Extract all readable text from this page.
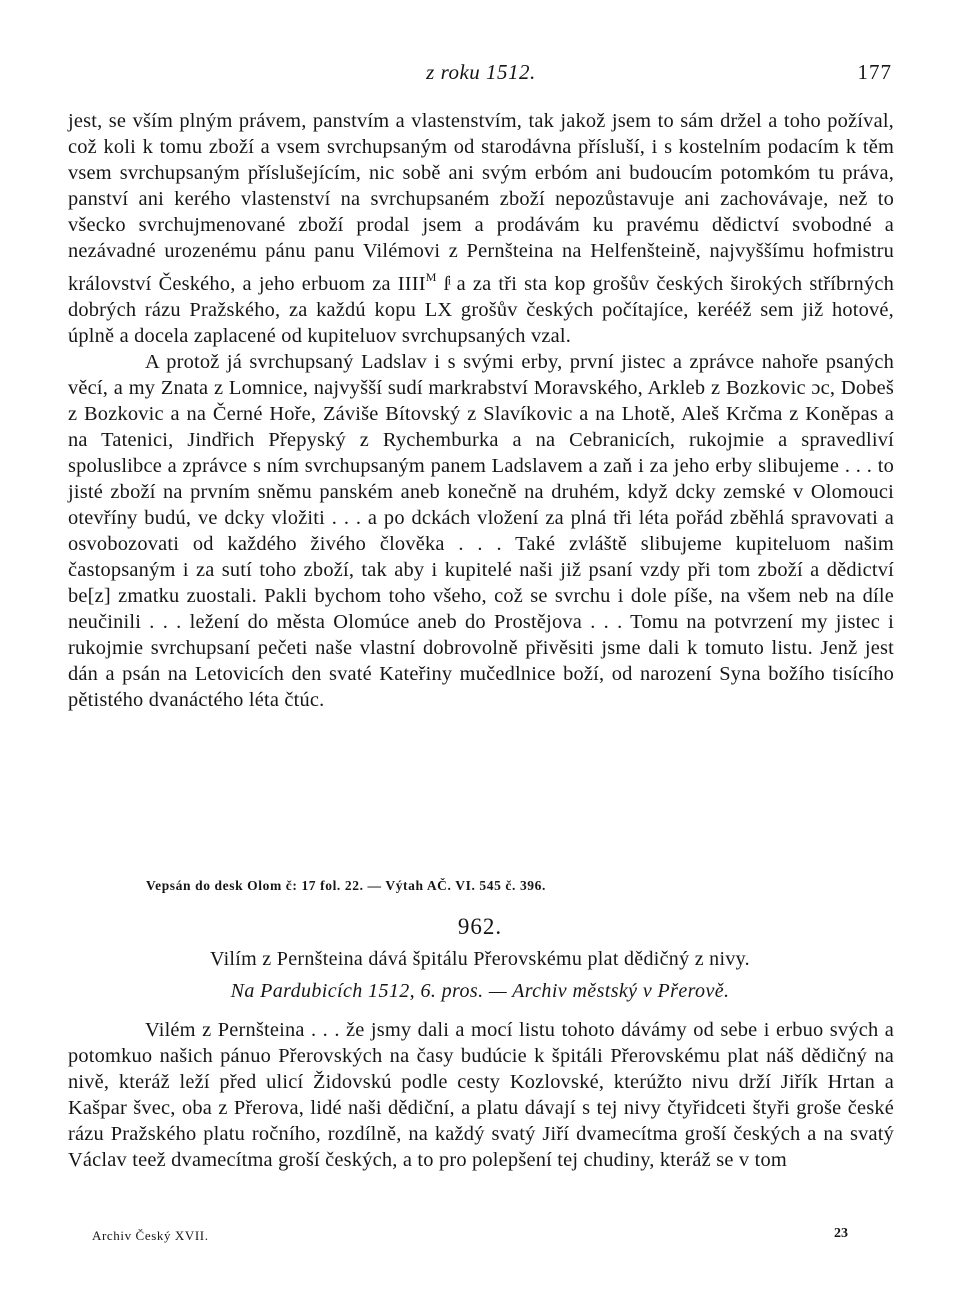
z roku 1512.	177

jest, se vším plným právem, panstvím a vlastenstvím, tak jakož jsem to sám držel a toho požíval, což koli k tomu zboží a vsem svrchupsaným od starodávna přísluší, i s kostelním podacím k těm vsem svrchupsaným příslušejícím, nic sobě ani svým erbóm ani budoucím potomkóm tu práva, panství ani kerého vlastenství na svrchupsaném zboží nepozůstavuje ani zachovávaje, než to všecko svrchujmenované zboží prodal jsem a prodávám ku pravému dědictví svobodné a nezávadné urozenému pánu panu Vilémovi z Pernšteina na Helfenšteině, najvyššímu hofmistru království Českého, a jeho erbuom za $IIII^M$ ſͥ a za tři sta kop grošův českých širokých stříbrných dobrých rázu Pražského, za každú kopu LX grošův českých počítajíce, kerééž sem již hotové, úplně a docela zaplacené od kupiteluov svrchupsaných vzal.

A protož já svrchupsaný Ladslav i s svými erby, první jistec a zprávce nahoře psaných věcí, a my Znata z Lomnice, najvyšší sudí markrabství Moravského, Arkleb z Bozkovic ɔc, Dobeš z Bozkovic a na Černé Hoře, Záviše Bítovský z Slavíkovic a na Lhotě, Aleš Krčma z Koněpas a na Tatenici, Jindřich Přepyský z Rychemburka a na Cebranicích, rukojmie a spravedliví spoluslibce a zprávce s ním svrchupsaným panem Ladslavem a zaň i za jeho erby slibujeme . . . to jisté zboží na prvním sněmu panském aneb konečně na druhém, když dcky zemské v Olomouci otevříny budú, ve dcky vložiti . . . a po dckách vložení za plná tři léta pořád zběhlá spravovati a osvobozovati od každého živého člověka . . . Také zvláště slibujeme kupiteluom našim častopsaným i za sutí toho zboží, tak aby i kupitelé naši již psaní vzdy při tom zboží a dědictví be[z] zmatku zuostali. Pakli bychom toho všeho, což se svrchu i dole píše, na všem neb na díle neučinili . . . ležení do města Olomúce aneb do Prostějova . . . Tomu na potvrzení my jistec i rukojmie svrchupsaní pečeti naše vlastní dobrovolně přivěsiti jsme dali k tomuto listu. Jenž jest dán a psán na Letovicích den svaté Kateřiny mučedlnice boží, od narození Syna božího tisícího pětistého dvanáctého léta čtúc.

Vepsán do desk Olom č: 17 fol. 22. — Výtah AČ. VI. 545 č. 396.
962.
Vilím z Pernšteina dává špitálu Přerovskému plat dědičný z nivy.
Na Pardubicích 1512, 6. pros. — Archiv městský v Přerově.

Vilém z Pernšteina . . . že jsmy dali a mocí listu tohoto dávámy od sebe i erbuo svých a potomkuo našich pánuo Přerovských na časy budúcie k špitáli Přerovskému plat náš dědičný na nivě, kteráž leží před ulicí Židovskú podle cesty Kozlovské, kterúžto nivu drží Jiřík Hrtan a Kašpar švec, oba z Přerova, lidé naši dědiční, a platu dávají s tej nivy čtyřidceti štyři groše české rázu Pražského platu ročního, rozdílně, na každý svatý Jiří dvamecítma groší českých a na svatý Václav teež dvamecítma groší českých, a to pro polepšení tej chudiny, kteráž se v tom

Archiv Český XVII.	23
